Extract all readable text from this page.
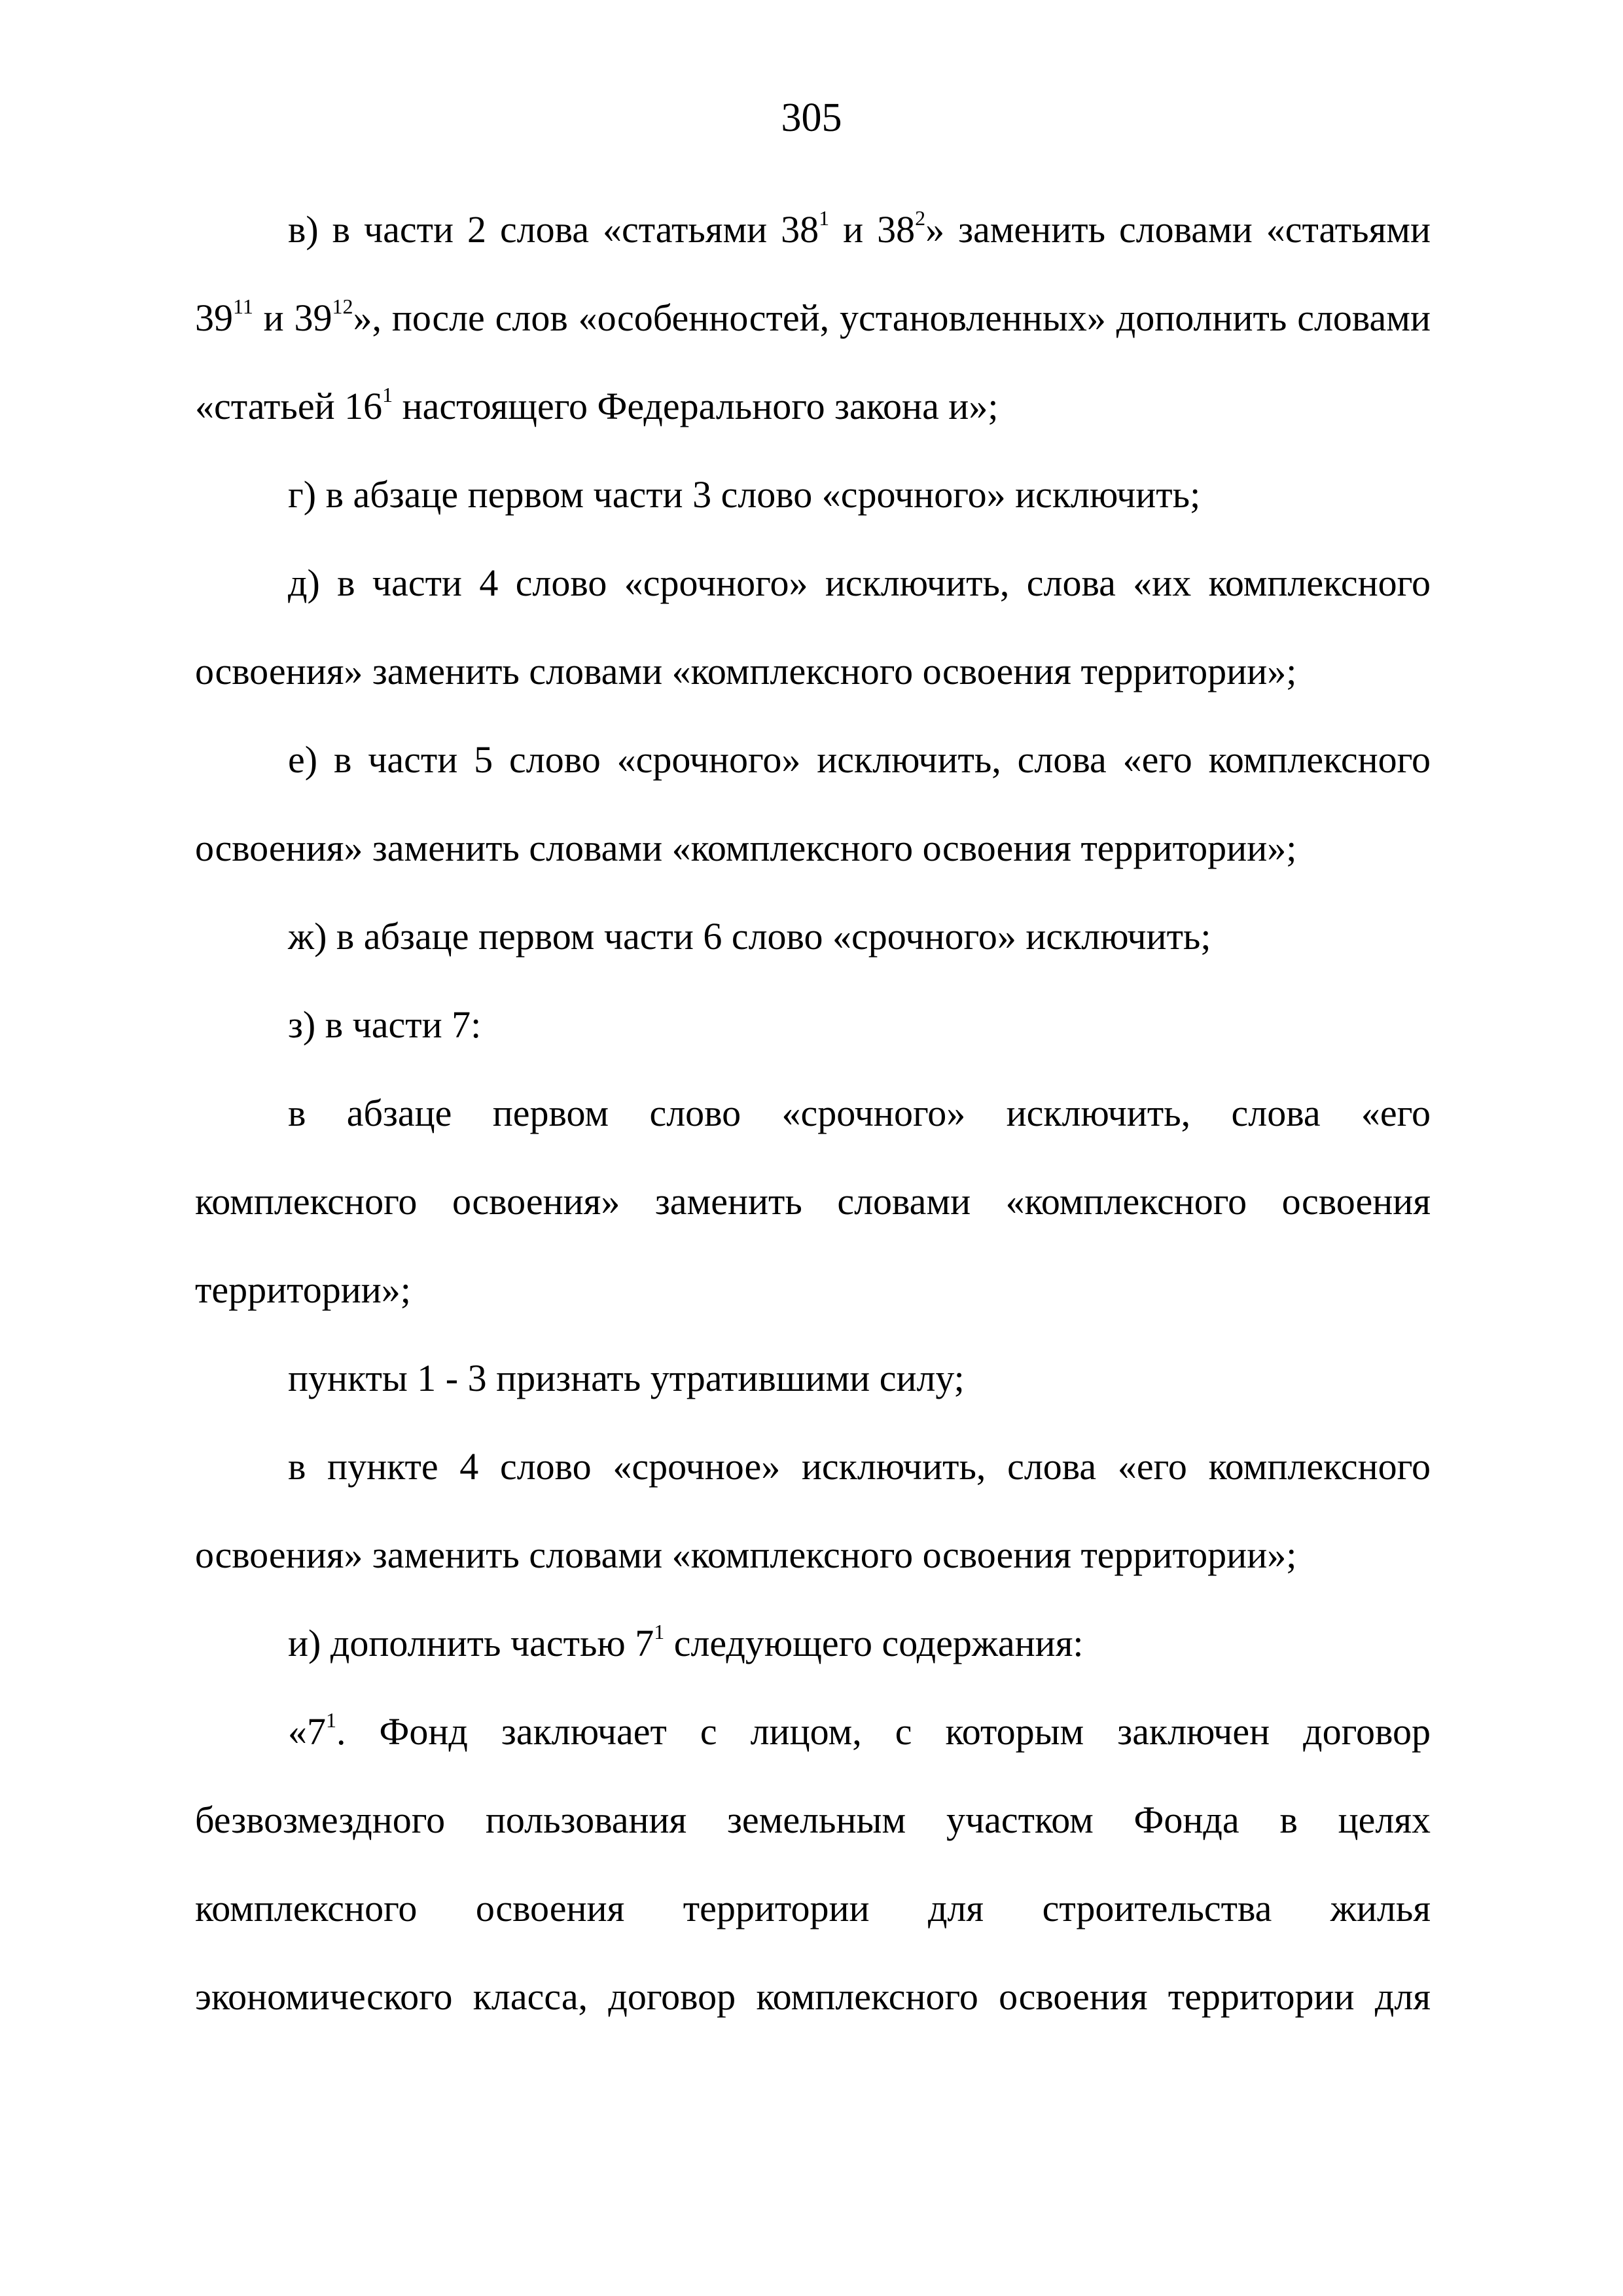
305

в) в части 2 слова «статьями $38^1$ и $38^2$» заменить словами «статьями $39^{11}$ и $39^{12}$», после слов «особенностей, установленных» дополнить словами «статьей $16^1$ настоящего Федерального закона и»;

г) в абзаце первом части 3 слово «срочного» исключить;

д) в части 4 слово «срочного» исключить, слова «их комплексного освоения» заменить словами «комплексного освоения территории»;

е) в части 5 слово «срочного» исключить, слова «его комплексного освоения» заменить словами «комплексного освоения территории»;

ж) в абзаце первом части 6 слово «срочного» исключить;

з) в части 7:

в абзаце первом слово «срочного» исключить, слова «его комплексного освоения» заменить словами «комплексного освоения территории»;

пункты 1 - 3 признать утратившими силу;

в пункте 4 слово «срочное» исключить, слова «его комплексного освоения» заменить словами «комплексного освоения территории»;

и) дополнить частью $7^1$ следующего содержания:

«$7^1$. Фонд заключает с лицом, с которым заключен договор безвозмездного пользования земельным участком Фонда в целях комплексного освоения территории для строительства жилья экономического класса, договор комплексного освоения территории для
